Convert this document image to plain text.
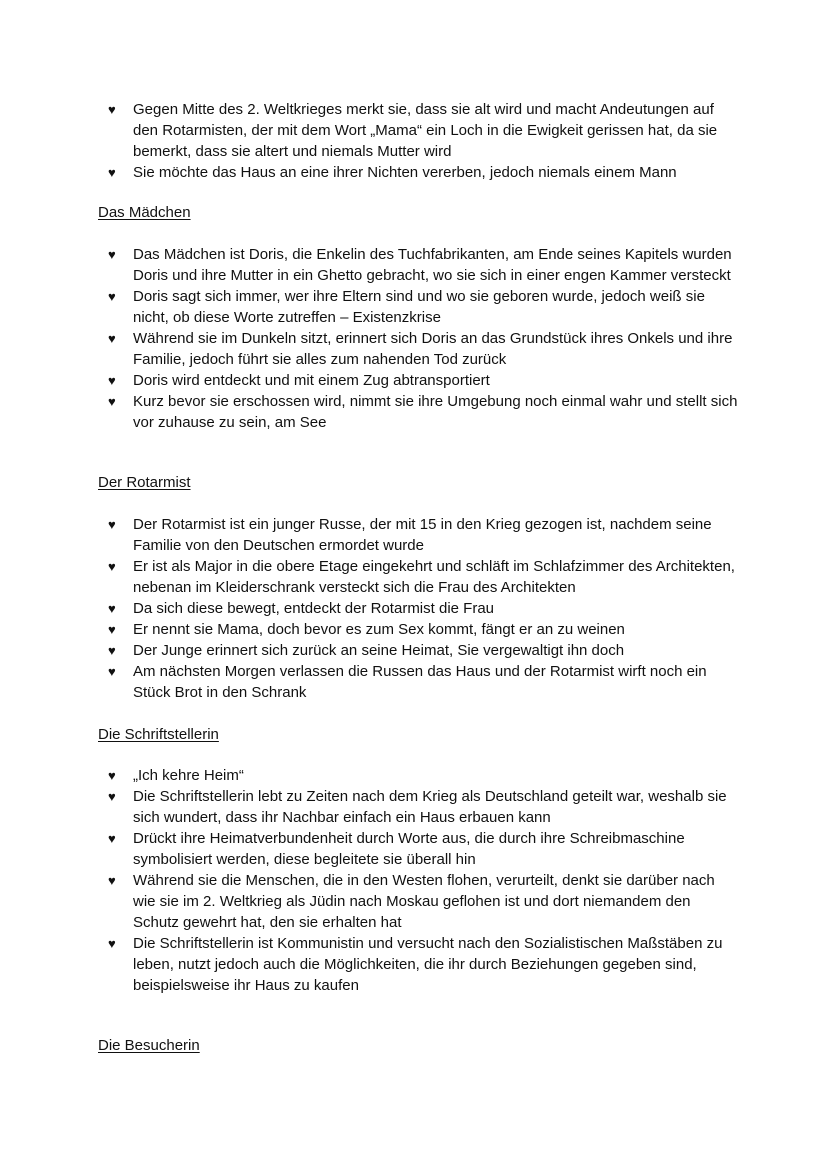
♥ Gegen Mitte des 2. Weltkrieges merkt sie, dass sie alt wird und macht Andeutungen auf den Rotarmisten, der mit dem Wort „Mama“ ein Loch in die Ewigkeit gerissen hat, da sie bemerkt, dass sie altert und niemals Mutter wird
♥ Sie möchte das Haus an eine ihrer Nichten vererben, jedoch niemals einem Mann
Das Mädchen
♥ Das Mädchen ist Doris, die Enkelin des Tuchfabrikanten, am Ende seines Kapitels wurden Doris und ihre Mutter in ein Ghetto gebracht, wo sie sich in einer engen Kammer versteckt
♥ Doris sagt sich immer, wer ihre Eltern sind und wo sie geboren wurde, jedoch weiß sie nicht, ob diese Worte zutreffen – Existenzkrise
♥ Während sie im Dunkeln sitzt, erinnert sich Doris an das Grundstück ihres Onkels und ihre Familie, jedoch führt sie alles zum nahenden Tod zurück
♥ Doris wird entdeckt und mit einem Zug abtransportiert
♥ Kurz bevor sie erschossen wird, nimmt sie ihre Umgebung noch einmal wahr und stellt sich vor zuhause zu sein, am See
Der Rotarmist
♥ Der Rotarmist ist ein junger Russe, der mit 15 in den Krieg gezogen ist, nachdem seine Familie von den Deutschen ermordet wurde
♥ Er ist als Major in die obere Etage eingekehrt und schläft im Schlafzimmer des Architekten, nebenan im Kleiderschrank versteckt sich die Frau des Architekten
♥ Da sich diese bewegt, entdeckt der Rotarmist die Frau
♥ Er nennt sie Mama, doch bevor es zum Sex kommt, fängt er an zu weinen
♥ Der Junge erinnert sich zurück an seine Heimat, Sie vergewaltigt ihn doch
♥ Am nächsten Morgen verlassen die Russen das Haus und der Rotarmist wirft noch ein Stück Brot in den Schrank
Die Schriftstellerin
♥ „Ich kehre Heim“
♥ Die Schriftstellerin lebt zu Zeiten nach dem Krieg als Deutschland geteilt war, weshalb sie sich wundert, dass ihr Nachbar einfach ein Haus erbauen kann
♥ Drückt ihre Heimatverbundenheit durch Worte aus, die durch ihre Schreibmaschine symbolisiert werden, diese begleitete sie überall hin
♥ Während sie die Menschen, die in den Westen flohen, verurteilt, denkt sie darüber nach wie sie im 2. Weltkrieg als Jüdin nach Moskau geflohen ist und dort niemandem den Schutz gewehrt hat, den sie erhalten hat
♥ Die Schriftstellerin ist Kommunistin und versucht nach den Sozialistischen Maßstäben zu leben, nutzt jedoch auch die Möglichkeiten, die ihr durch Beziehungen gegeben sind, beispielsweise ihr Haus zu kaufen
Die Besucherin
